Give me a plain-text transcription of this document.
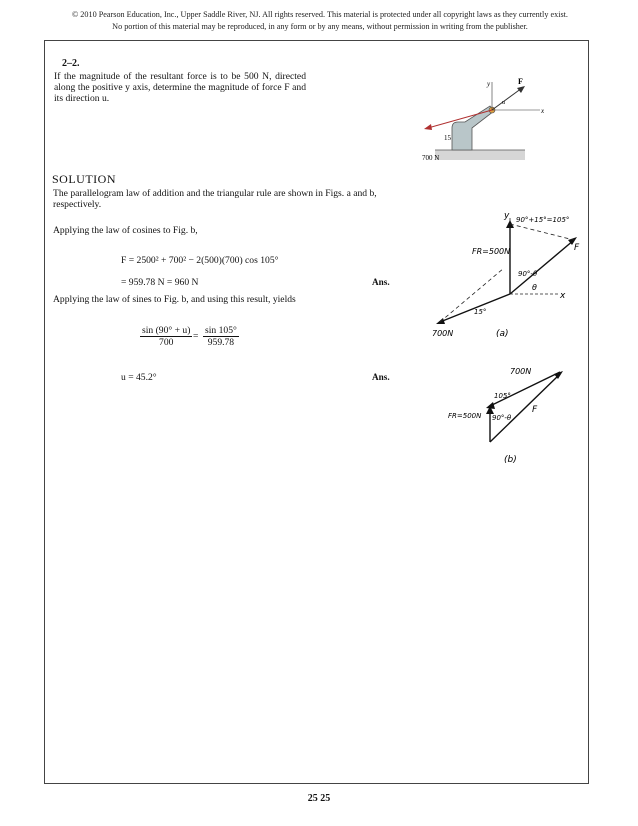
© 2010 Pearson Education, Inc., Upper Saddle River, NJ. All rights reserved. This material is protected under all copyright laws as they currently exist.
No portion of this material may be reproduced, in any form or by any means, without permission in writing from the publisher.
2–2.
If the magnitude of the resultant force is to be 500 N, directed along the positive y axis, determine the magnitude of force F and its direction u.
y
x
F
u
15
700 N
SOLUTION
The parallelogram law of addition and the triangular rule are shown in Figs. a and b, respectively.
Applying the law of cosines to Fig. b,
F = 2500² + 700² − 2(500)(700) cos 105°
= 959.78 N = 960 N	Ans.
Applying the law of sines to Fig. b, and using this result, yields
$\frac{\sin (90^\circ + u)}{700} = \frac{\sin 105^\circ}{959.78}$
u = 45.2°	Ans.
y
x
FR=500N	F
700N
90°+15°=105°
90°-θ
θ
15°
(a)
700N
FR=500N
F
105°
90°-θ
(b)
25 25
